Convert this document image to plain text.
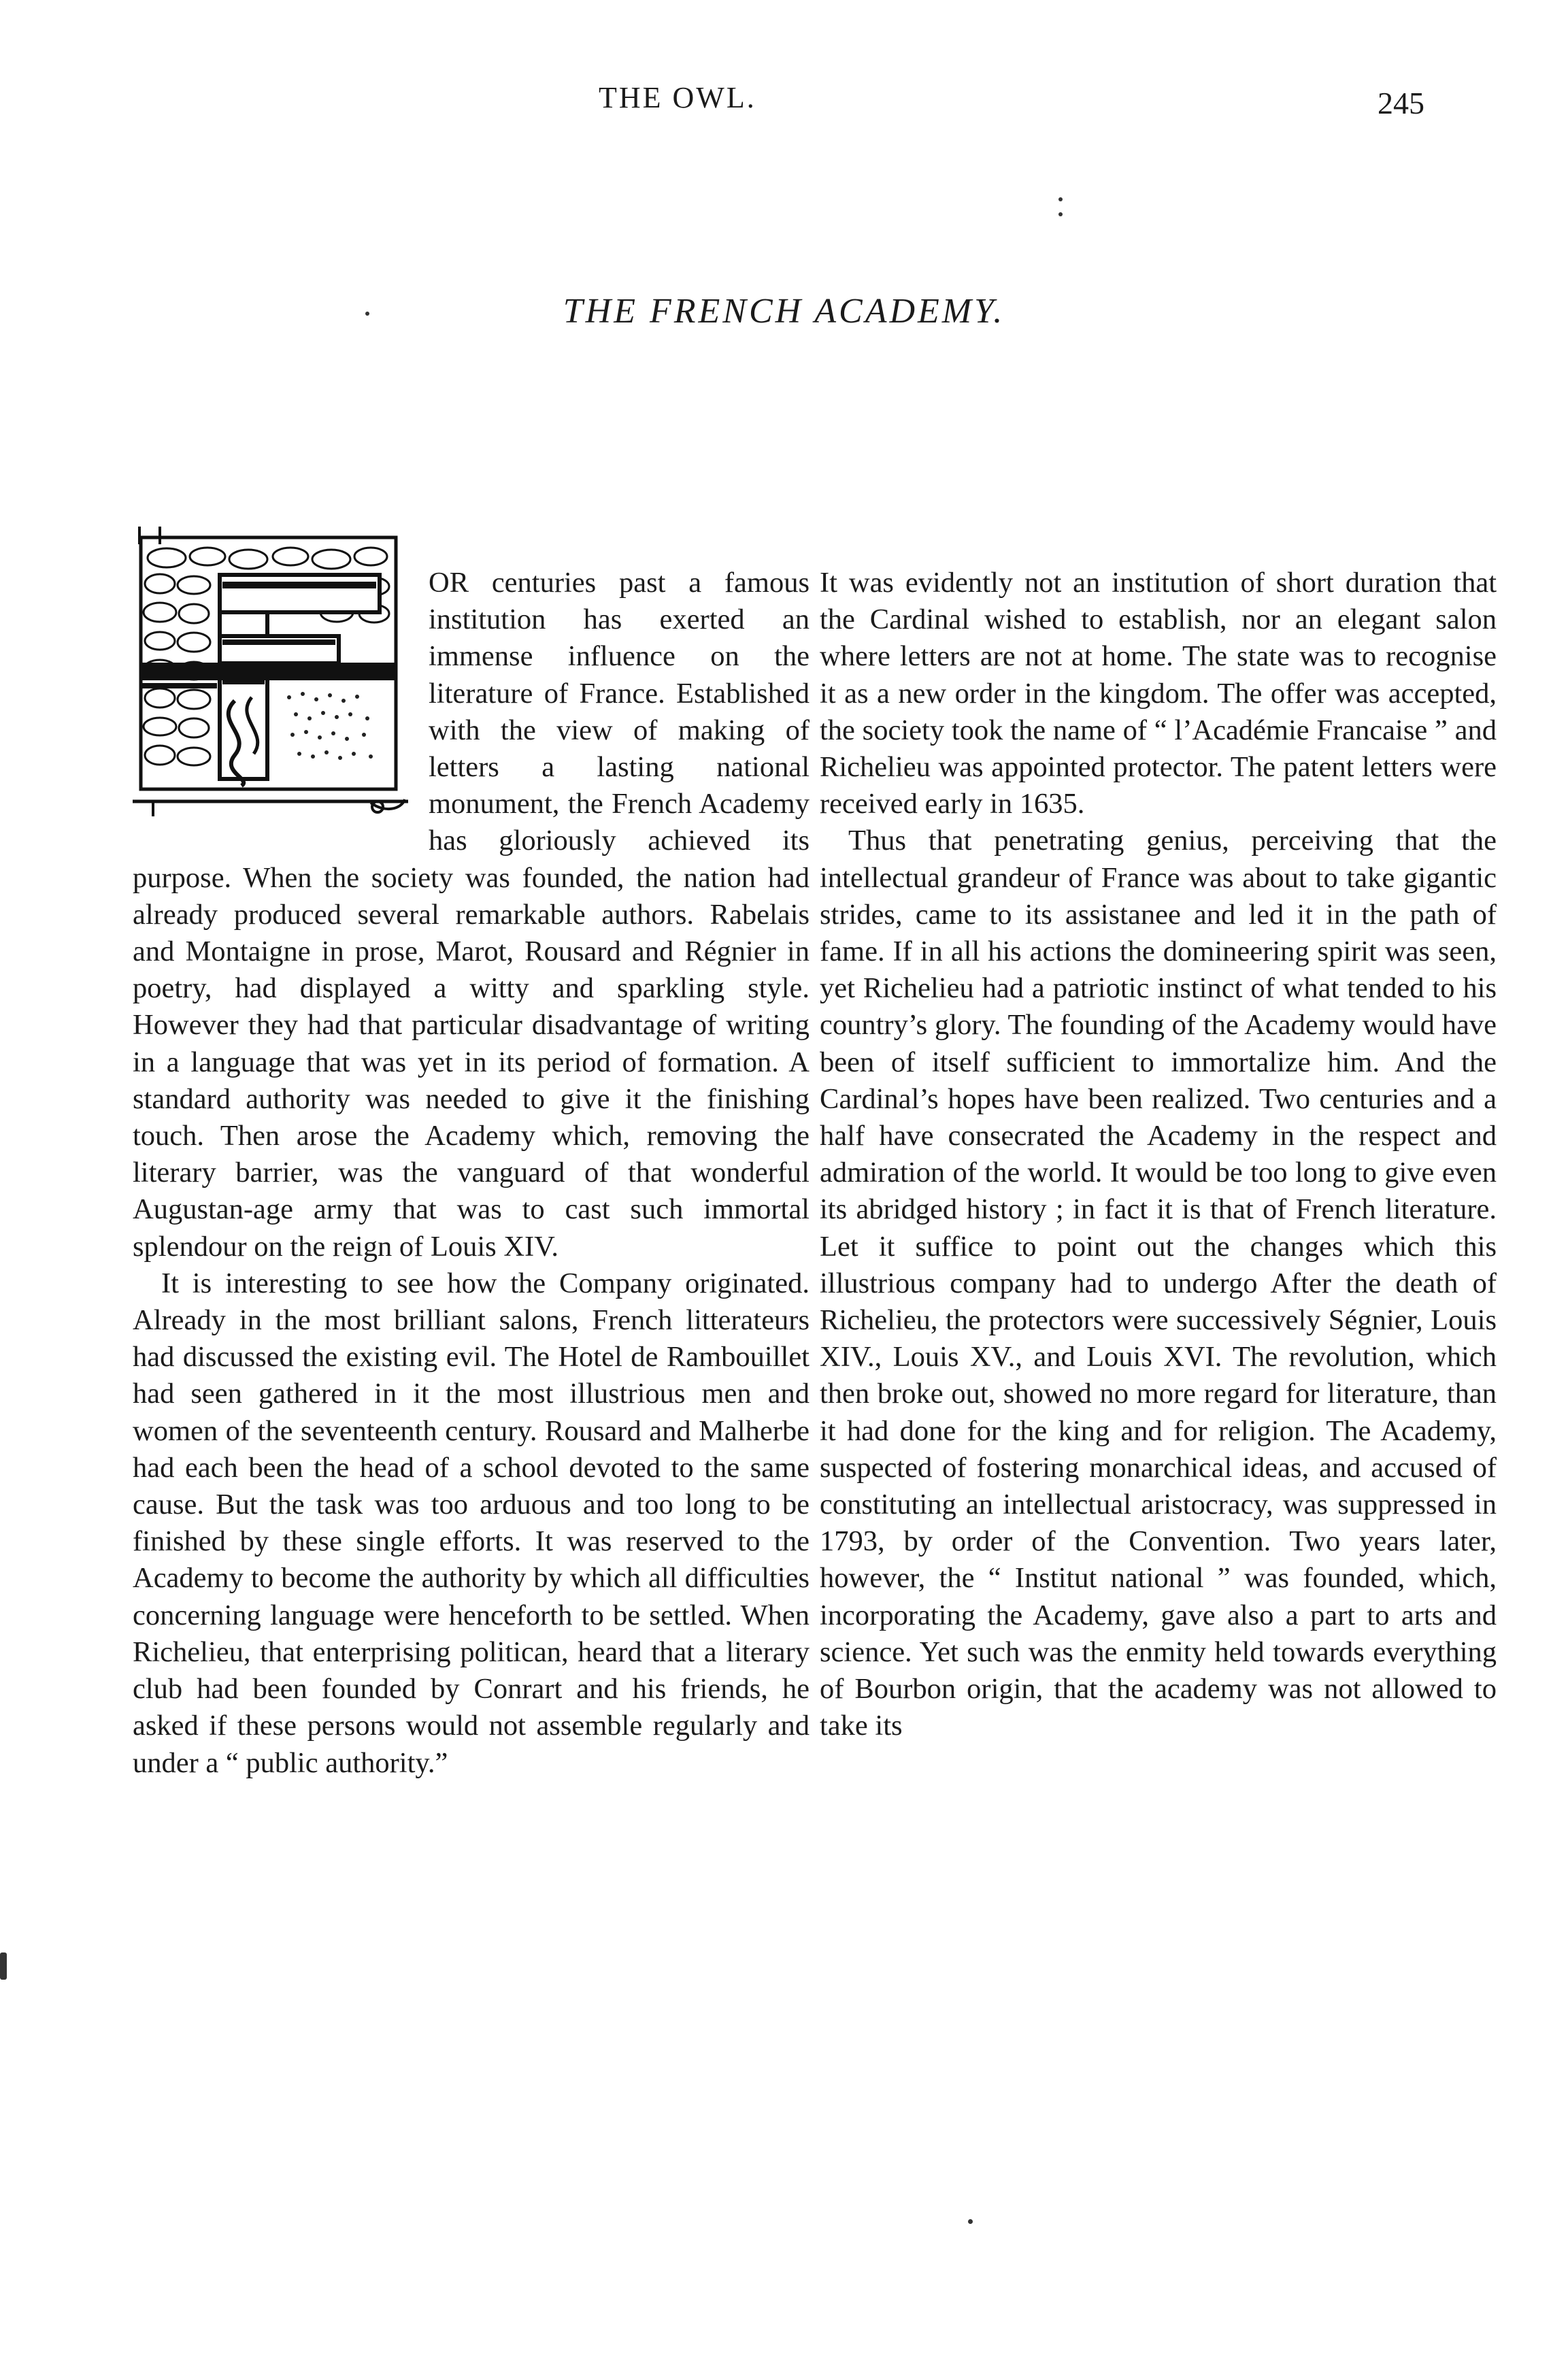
THE OWL.	245
THE FRENCH ACADEMY.

OR centuries past a famous institution has exerted an immense influence on the literature of France. Established with the view of making of letters a lasting national monument, the French Academy has gloriously achieved its purpose. When the society was founded, the nation had already produced several remarkable authors. Rabelais and Montaigne in prose, Marot, Rousard and Régnier in poetry, had displayed a witty and sparkling style. However they had that particular disadvantage of writing in a language that was yet in its period of formation. A standard authority was needed to give it the finishing touch. Then arose the Academy which, removing the literary barrier, was the vanguard of that wonderful Augustan-age army that was to cast such immortal splendour on the reign of Louis XIV.

It is interesting to see how the Company originated. Already in the most brilliant salons, French litterateurs had discussed the existing evil. The Hotel de Rambouillet had seen gathered in it the most illustrious men and women of the seventeenth century. Rousard and Malherbe had each been the head of a school devoted to the same cause. But the task was too arduous and too long to be finished by these single efforts. It was reserved to the Academy to become the authority by which all difficulties concerning language were henceforth to be settled. When Richelieu, that enterprising politican, heard that a literary club had been founded by Conrart and his friends, he asked if these persons would not assemble regularly and under a “ public authority.”

It was evidently not an institution of short duration that the Cardinal wished to establish, nor an elegant salon where letters are not at home. The state was to recognise it as a new order in the kingdom. The offer was accepted, the society took the name of “ l’Académie Francaise ” and Richelieu was appointed protector. The patent letters were received early in 1635.

Thus that penetrating genius, perceiving that the intellectual grandeur of France was about to take gigantic strides, came to its assistanee and led it in the path of fame. If in all his actions the domineering spirit was seen, yet Richelieu had a patriotic instinct of what tended to his country’s glory. The founding of the Academy would have been of itself sufficient to immortalize him. And the Cardinal’s hopes have been realized. Two centuries and a half have consecrated the Academy in the respect and admiration of the world. It would be too long to give even its abridged history ; in fact it is that of French literature. Let it suffice to point out the changes which this illustrious company had to undergo After the death of Richelieu, the protectors were successively Ségnier, Louis XIV., Louis XV., and Louis XVI. The revolution, which then broke out, showed no more regard for literature, than it had done for the king and for religion. The Academy, suspected of fostering monarchical ideas, and accused of constituting an intellectual aristocracy, was suppressed in 1793, by order of the Convention. Two years later, however, the “ Institut national ” was founded, which, incorporating the Academy, gave also a part to arts and science. Yet such was the enmity held towards everything of Bourbon origin, that the academy was not allowed to take its
